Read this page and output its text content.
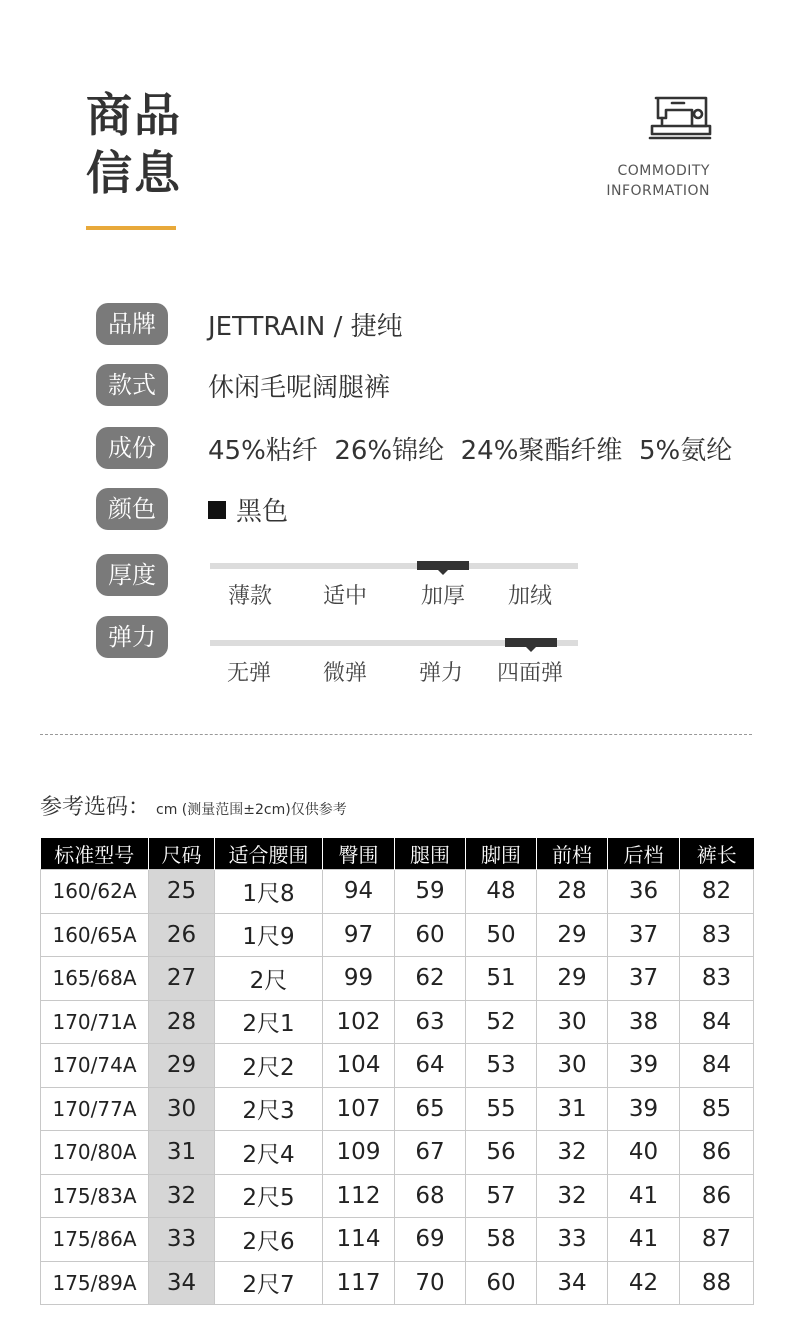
商品
信息	COMMODITY
INFORMATION
品牌	JETTRAIN / 捷纯
款式	休闲毛呢阔腿裤
成份	45%粘纤  26%锦纶  24%聚酯纤维  5%氨纶
颜色	黑色
厚度
薄款	适中	加厚	加绒
弹力
无弹	微弹	弹力	四面弹
参考选码： cm (测量范围±2cm)仅供参考
标准型号	尺码	适合腰围	臀围	腿围	脚围	前档	后档	裤长
160/62A	25	1尺8	94	59	48	28	36	82
160/65A	26	1尺9	97	60	50	29	37	83
165/68A	27	2尺	99	62	51	29	37	83
170/71A	28	2尺1	102	63	52	30	38	84
170/74A	29	2尺2	104	64	53	30	39	84
170/77A	30	2尺3	107	65	55	31	39	85
170/80A	31	2尺4	109	67	56	32	40	86
175/83A	32	2尺5	112	68	57	32	41	86
175/86A	33	2尺6	114	69	58	33	41	87
175/89A	34	2尺7	117	70	60	34	42	88
